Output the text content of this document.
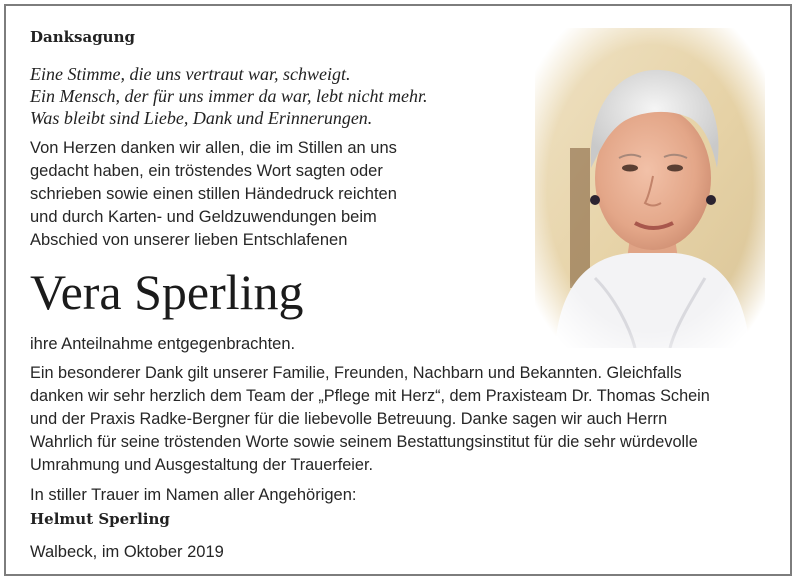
Danksagung
Eine Stimme, die uns vertraut war, schweigt.
Ein Mensch, der für uns immer da war, lebt nicht mehr.
Was bleibt sind Liebe, Dank und Erinnerungen.
Von Herzen danken wir allen, die im Stillen an uns
gedacht haben, ein tröstendes Wort sagten oder
schrieben sowie einen stillen Händedruck reichten
und durch Karten- und Geldzuwendungen beim
Abschied von unserer lieben Entschlafenen
Vera Sperling
ihre Anteilnahme entgegenbrachten.
Ein besonderer Dank gilt unserer Familie, Freunden, Nachbarn und Bekannten. Gleichfalls
danken wir sehr herzlich dem Team der „Pflege mit Herz“, dem Praxisteam Dr. Thomas Schein
und der Praxis Radke-Bergner für die liebevolle Betreuung. Danke sagen wir auch Herrn
Wahrlich für seine tröstenden Worte sowie seinem Bestattungsinstitut für die sehr würdevolle
Umrahmung und Ausgestaltung der Trauerfeier.
In stiller Trauer im Namen aller Angehörigen:
Helmut Sperling
Walbeck, im Oktober 2019
